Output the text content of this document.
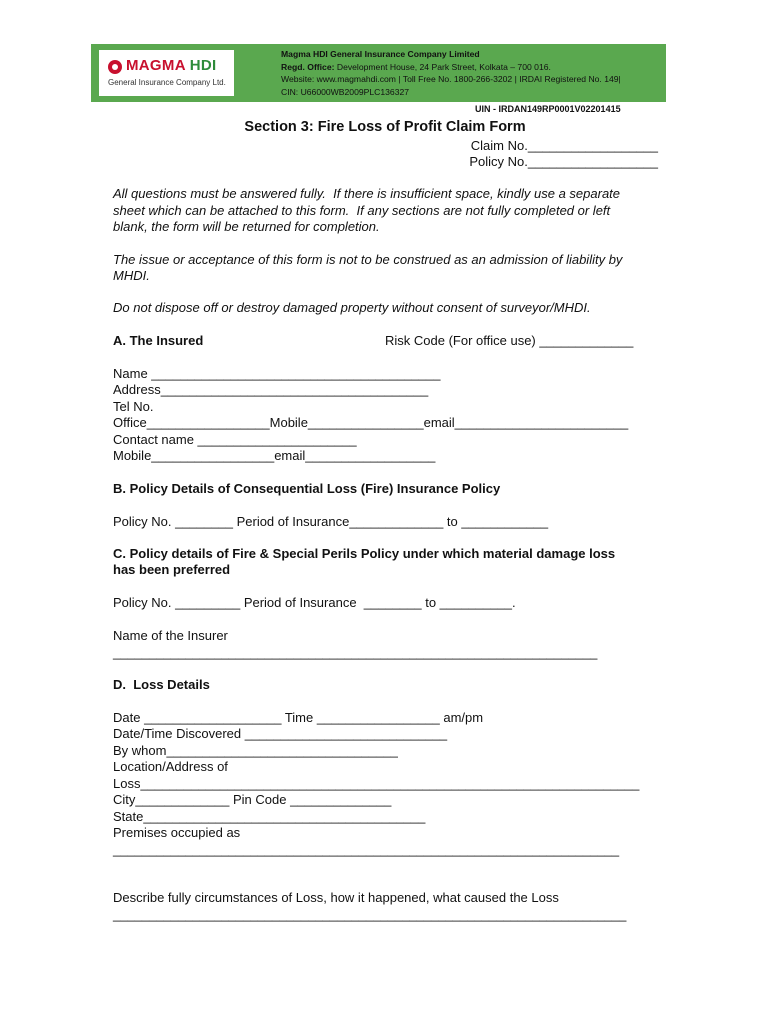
MAGMA HDI
General Insurance Company Ltd.
Magma HDI General Insurance Company Limited
Regd. Office: Development House, 24 Park Street, Kolkata – 700 016.
Website: www.magmahdi.com | Toll Free No. 1800-266-3202 | IRDAI Registered No. 149|
CIN: U66000WB2009PLC136327
UIN - IRDAN149RP0001V02201415
Section 3: Fire Loss of Profit Claim Form
Claim No.__________________
Policy No.__________________
All questions must be answered fully.  If there is insufficient space, kindly use a separate
sheet which can be attached to this form.  If any sections are not fully completed or left
blank, the form will be returned for completion.
The issue or acceptance of this form is not to be construed as an admission of liability by
MHDI.
Do not dispose off or destroy damaged property without consent of surveyor/MHDI.
A. The Insured	Risk Code (For office use) _____________
Name ________________________________________
Address_____________________________________
Tel No.
Office_________________Mobile________________email________________________
Contact name ______________________
Mobile_________________email__________________
B. Policy Details of Consequential Loss (Fire) Insurance Policy
Policy No. ________ Period of Insurance_____________ to ____________
C. Policy details of Fire & Special Perils Policy under which material damage loss
has been preferred
Policy No. _________ Period of Insurance  ________ to __________.
Name of the Insurer
___________________________________________________________________
D.  Loss Details
Date ___________________ Time _________________ am/pm
Date/Time Discovered ____________________________
By whom________________________________
Location/Address of
Loss_____________________________________________________________________
City_____________ Pin Code ______________
State_______________________________________
Premises occupied as
______________________________________________________________________
Describe fully circumstances of Loss, how it happened, what caused the Loss
_______________________________________________________________________
